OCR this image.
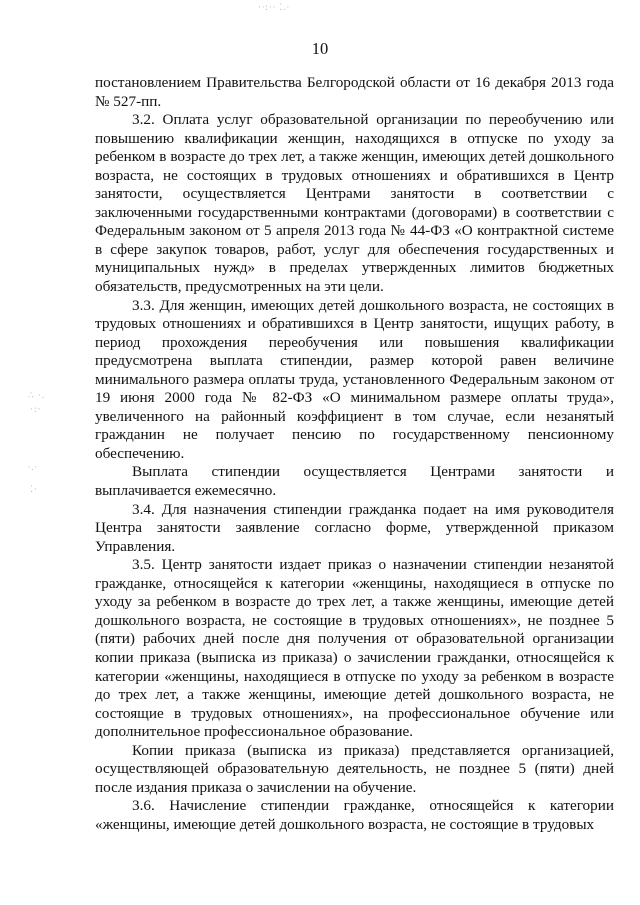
·∙:·∙ ⁚.·
∴ ·.
·:·
∙.∙
⁚·
10

постановлением Правительства Белгородской области от 16 декабря 2013 года № 527-пп.

3.2. Оплата услуг образовательной организации по переобучению или повышению квалификации женщин, находящихся в отпуске по уходу за ребенком в возрасте до трех лет, а также женщин, имеющих детей дошкольного возраста, не состоящих в трудовых отношениях и обратившихся в Центр занятости, осуществляется Центрами занятости в соответствии с заключенными государственными контрактами (договорами) в соответствии с Федеральным законом от 5 апреля 2013 года № 44-ФЗ «О контрактной системе в сфере закупок товаров, работ, услуг для обеспечения государственных и муниципальных нужд» в пределах утвержденных лимитов бюджетных обязательств, предусмотренных на эти цели.

3.3. Для женщин, имеющих детей дошкольного возраста, не состоящих в трудовых отношениях и обратившихся в Центр занятости, ищущих работу, в период прохождения переобучения или повышения квалификации предусмотрена выплата стипендии, размер которой равен величине минимального размера оплаты труда, установленного Федеральным законом от 19 июня 2000 года № 82-ФЗ «О минимальном размере оплаты труда», увеличенного на районный коэффициент в том случае, если незанятый гражданин не получает пенсию по государственному пенсионному обеспечению.

Выплата стипендии осуществляется Центрами занятости и выплачивается ежемесячно.

3.4. Для назначения стипендии гражданка подает на имя руководителя Центра занятости заявление согласно форме, утвержденной приказом Управления.

3.5. Центр занятости издает приказ о назначении стипендии незанятой гражданке, относящейся к категории «женщины, находящиеся в отпуске по уходу за ребенком в возрасте до трех лет, а также женщины, имеющие детей дошкольного возраста, не состоящие в трудовых отношениях», не позднее 5 (пяти) рабочих дней после дня получения от образовательной организации копии приказа (выписка из приказа) о зачислении гражданки, относящейся к категории «женщины, находящиеся в отпуске по уходу за ребенком в возрасте до трех лет, а также женщины, имеющие детей дошкольного возраста, не состоящие в трудовых отношениях», на профессиональное обучение или дополнительное профессиональное образование.

Копии приказа (выписка из приказа) представляется организацией, осуществляющей образовательную деятельность, не позднее 5 (пяти) дней после издания приказа о зачислении на обучение.

3.6. Начисление стипендии гражданке, относящейся к категории «женщины, имеющие детей дошкольного возраста, не состоящие в трудовых
